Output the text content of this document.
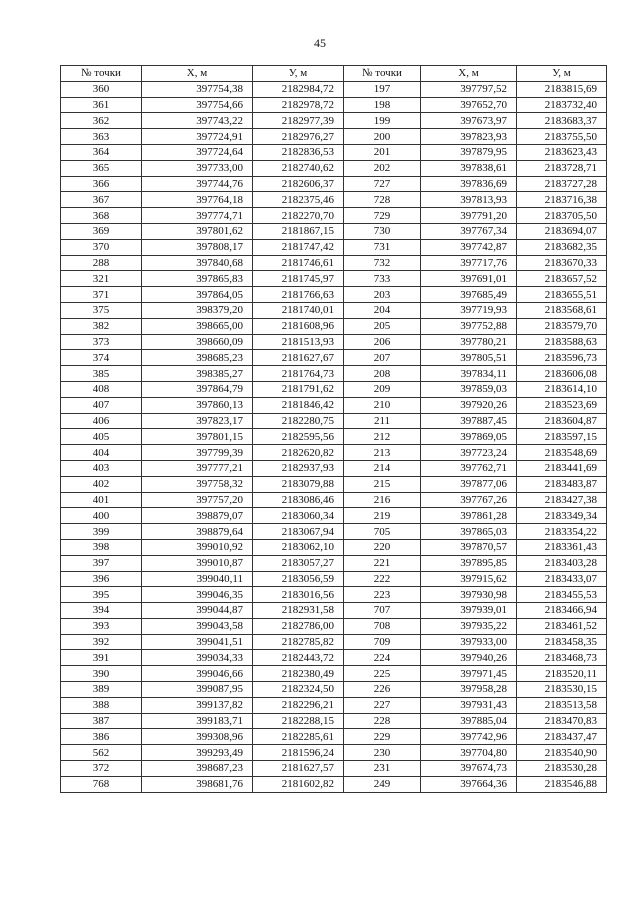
45
№ точки	X, м	У, м	№ точки	X, м	У, м
360	397754,38	2182984,72	197	397797,52	2183815,69
361	397754,66	2182978,72	198	397652,70	2183732,40
362	397743,22	2182977,39	199	397673,97	2183683,37
363	397724,91	2182976,27	200	397823,93	2183755,50
364	397724,64	2182836,53	201	397879,95	2183623,43
365	397733,00	2182740,62	202	397838,61	2183728,71
366	397744,76	2182606,37	727	397836,69	2183727,28
367	397764,18	2182375,46	728	397813,93	2183716,38
368	397774,71	2182270,70	729	397791,20	2183705,50
369	397801,62	2181867,15	730	397767,34	2183694,07
370	397808,17	2181747,42	731	397742,87	2183682,35
288	397840,68	2181746,61	732	397717,76	2183670,33
321	397865,83	2181745,97	733	397691,01	2183657,52
371	397864,05	2181766,63	203	397685,49	2183655,51
375	398379,20	2181740,01	204	397719,93	2183568,61
382	398665,00	2181608,96	205	397752,88	2183579,70
373	398660,09	2181513,93	206	397780,21	2183588,63
374	398685,23	2181627,67	207	397805,51	2183596,73
385	398385,27	2181764,73	208	397834,11	2183606,08
408	397864,79	2181791,62	209	397859,03	2183614,10
407	397860,13	2181846,42	210	397920,26	2183523,69
406	397823,17	2182280,75	211	397887,45	2183604,87
405	397801,15	2182595,56	212	397869,05	2183597,15
404	397799,39	2182620,82	213	397723,24	2183548,69
403	397777,21	2182937,93	214	397762,71	2183441,69
402	397758,32	2183079,88	215	397877,06	2183483,87
401	397757,20	2183086,46	216	397767,26	2183427,38
400	398879,07	2183060,34	219	397861,28	2183349,34
399	398879,64	2183067,94	705	397865,03	2183354,22
398	399010,92	2183062,10	220	397870,57	2183361,43
397	399010,87	2183057,27	221	397895,85	2183403,28
396	399040,11	2183056,59	222	397915,62	2183433,07
395	399046,35	2183016,56	223	397930,98	2183455,53
394	399044,87	2182931,58	707	397939,01	2183466,94
393	399043,58	2182786,00	708	397935,22	2183461,52
392	399041,51	2182785,82	709	397933,00	2183458,35
391	399034,33	2182443,72	224	397940,26	2183468,73
390	399046,66	2182380,49	225	397971,45	2183520,11
389	399087,95	2182324,50	226	397958,28	2183530,15
388	399137,82	2182296,21	227	397931,43	2183513,58
387	399183,71	2182288,15	228	397885,04	2183470,83
386	399308,96	2182285,61	229	397742,96	2183437,47
562	399293,49	2181596,24	230	397704,80	2183540,90
372	398687,23	2181627,57	231	397674,73	2183530,28
768	398681,76	2181602,82	249	397664,36	2183546,88
